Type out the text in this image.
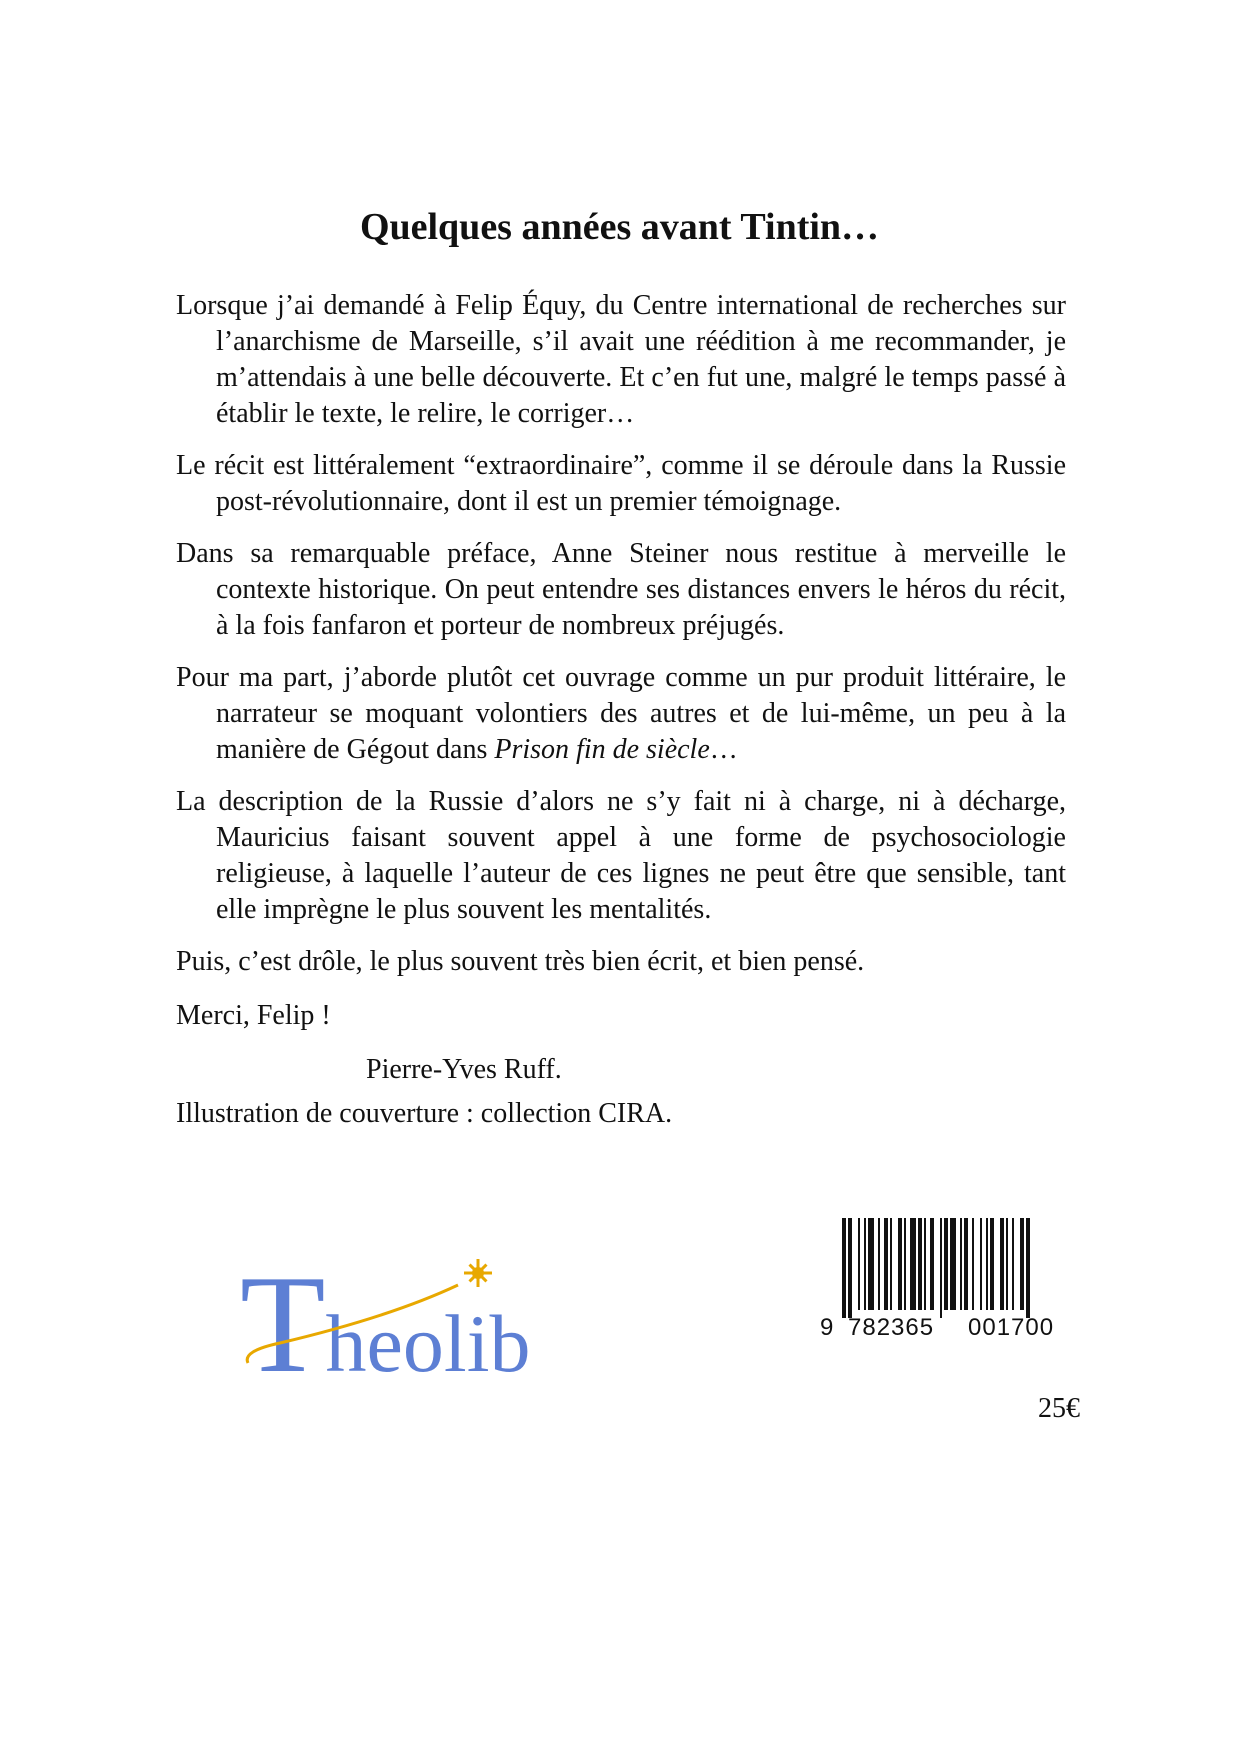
Quelques années avant Tintin…

Lorsque j’ai demandé à Felip Équy, du Centre international de recherches sur l’anarchisme de Marseille, s’il avait une réédition à me recommander, je m’attendais à une belle découverte. Et c’en fut une, malgré le temps passé à établir le texte, le relire, le corriger…

Le récit est littéralement “extraordinaire”, comme il se déroule dans la Russie post-révolutionnaire, dont il est un premier témoignage.

Dans sa remarquable préface, Anne Steiner nous restitue à merveille le contexte historique. On peut entendre ses distances envers le héros du récit, à la fois fanfaron et porteur de nombreux préjugés.

Pour ma part, j’aborde plutôt cet ouvrage comme un pur produit littéraire, le narrateur se moquant volontiers des autres et de lui-même, un peu à la manière de Gégout dans Prison fin de siècle…

La description de la Russie d’alors ne s’y fait ni à charge, ni à décharge, Mauricius faisant souvent appel à une forme de psychosociologie religieuse, à laquelle l’auteur de ces lignes ne peut être que sensible, tant elle imprègne le plus souvent les mentalités.

Puis, c’est drôle, le plus souvent très bien écrit, et bien pensé.

Merci, Felip !

Pierre-Yves Ruff.

Illustration de couverture : collection CIRA.

Theolib	9 782365 001700
25€
